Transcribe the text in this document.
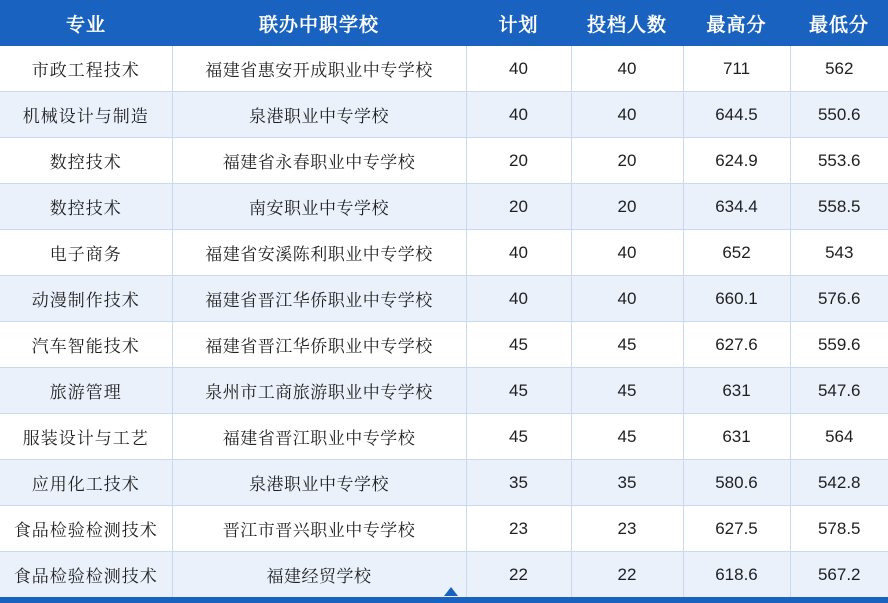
专业	联办中职学校	计划	投档人数	最高分	最低分
市政工程技术	福建省惠安开成职业中专学校	40	40	711	562
机械设计与制造	泉港职业中专学校	40	40	644.5	550.6
数控技术	福建省永春职业中专学校	20	20	624.9	553.6
数控技术	南安职业中专学校	20	20	634.4	558.5
电子商务	福建省安溪陈利职业中专学校	40	40	652	543
动漫制作技术	福建省晋江华侨职业中专学校	40	40	660.1	576.6
汽车智能技术	福建省晋江华侨职业中专学校	45	45	627.6	559.6
旅游管理	泉州市工商旅游职业中专学校	45	45	631	547.6
服装设计与工艺	福建省晋江职业中专学校	45	45	631	564
应用化工技术	泉港职业中专学校	35	35	580.6	542.8
食品检验检测技术	晋江市晋兴职业中专学校	23	23	627.5	578.5
食品检验检测技术	福建经贸学校	22	22	618.6	567.2
